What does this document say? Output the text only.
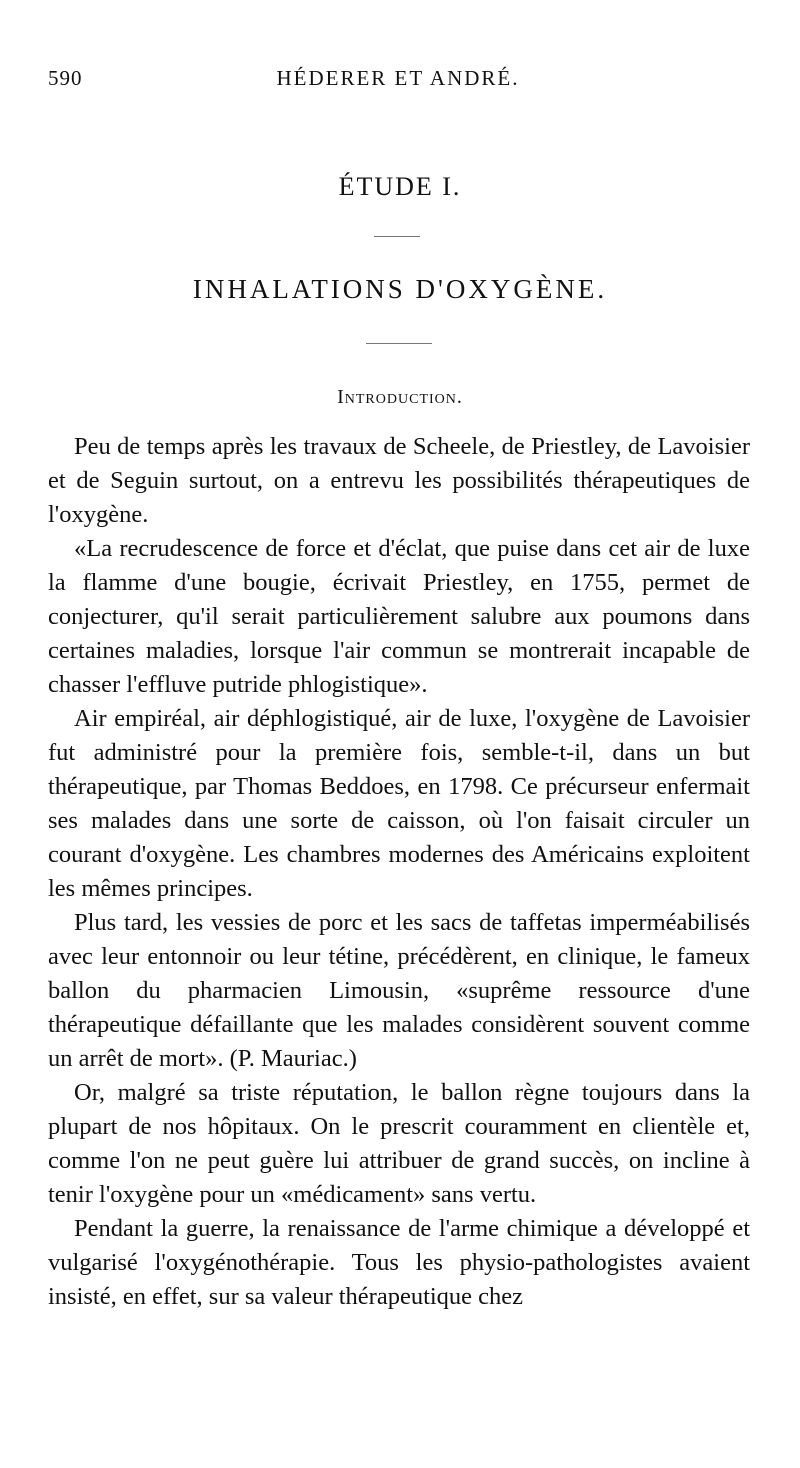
590	HÉDERER ET ANDRÉ.
ÉTUDE I.
INHALATIONS D'OXYGÈNE.
Introduction.

Peu de temps après les travaux de Scheele, de Priestley, de Lavoisier et de Seguin surtout, on a entrevu les possibilités thérapeutiques de l'oxygène.

«La recrudescence de force et d'éclat, que puise dans cet air de luxe la flamme d'une bougie, écrivait Priestley, en 1755, permet de conjecturer, qu'il serait particulièrement salubre aux poumons dans certaines maladies, lorsque l'air commun se montrerait incapable de chasser l'effluve putride phlogistique».

Air empiréal, air déphlogistiqué, air de luxe, l'oxygène de Lavoisier fut administré pour la première fois, semble-t-il, dans un but thérapeutique, par Thomas Beddoes, en 1798. Ce précurseur enfermait ses malades dans une sorte de caisson, où l'on faisait circuler un courant d'oxygène. Les chambres modernes des Américains exploitent les mêmes principes.

Plus tard, les vessies de porc et les sacs de taffetas imperméabilisés avec leur entonnoir ou leur tétine, précédèrent, en clinique, le fameux ballon du pharmacien Limousin, «suprême ressource d'une thérapeutique défaillante que les malades considèrent souvent comme un arrêt de mort». (P. Mauriac.)

Or, malgré sa triste réputation, le ballon règne toujours dans la plupart de nos hôpitaux. On le prescrit couramment en clientèle et, comme l'on ne peut guère lui attribuer de grand succès, on incline à tenir l'oxygène pour un «médicament» sans vertu.

Pendant la guerre, la renaissance de l'arme chimique a développé et vulgarisé l'oxygénothérapie. Tous les physio-pathologistes avaient insisté, en effet, sur sa valeur thérapeutique chez
